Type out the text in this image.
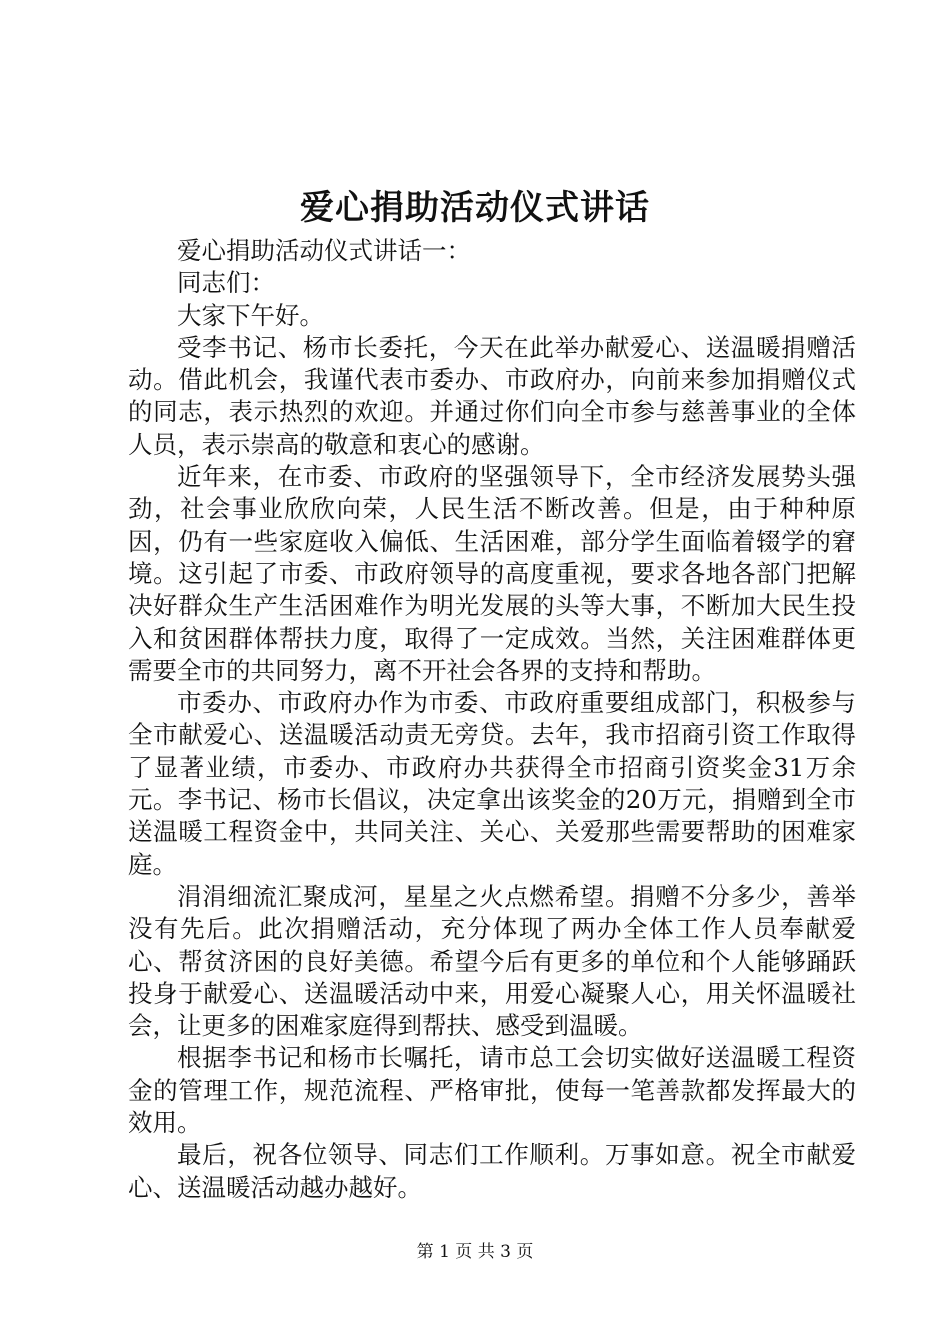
爱心捐助活动仪式讲话

爱心捐助活动仪式讲话一：

同志们：

大家下午好。

受李书记、杨市长委托，今天在此举办献爱心、送温暖捐赠活动。借此机会，我谨代表市委办、市政府办，向前来参加捐赠仪式的同志，表示热烈的欢迎。并通过你们向全市参与慈善事业的全体人员，表示崇高的敬意和衷心的感谢。

近年来，在市委、市政府的坚强领导下，全市经济发展势头强劲，社会事业欣欣向荣，人民生活不断改善。但是，由于种种原因，仍有一些家庭收入偏低、生活困难，部分学生面临着辍学的窘境。这引起了市委、市政府领导的高度重视，要求各地各部门把解决好群众生产生活困难作为明光发展的头等大事，不断加大民生投入和贫困群体帮扶力度，取得了一定成效。当然，关注困难群体更需要全市的共同努力，离不开社会各界的支持和帮助。

市委办、市政府办作为市委、市政府重要组成部门，积极参与全市献爱心、送温暖活动责无旁贷。去年，我市招商引资工作取得了显著业绩，市委办、市政府办共获得全市招商引资奖金31万余元。李书记、杨市长倡议，决定拿出该奖金的20万元，捐赠到全市送温暖工程资金中，共同关注、关心、关爱那些需要帮助的困难家庭。

涓涓细流汇聚成河，星星之火点燃希望。捐赠不分多少，善举没有先后。此次捐赠活动，充分体现了两办全体工作人员奉献爱心、帮贫济困的良好美德。希望今后有更多的单位和个人能够踊跃投身于献爱心、送温暖活动中来，用爱心凝聚人心，用关怀温暖社会，让更多的困难家庭得到帮扶、感受到温暖。

根据李书记和杨市长嘱托，请市总工会切实做好送温暖工程资金的管理工作，规范流程、严格审批，使每一笔善款都发挥最大的效用。

最后，祝各位领导、同志们工作顺利。万事如意。祝全市献爱心、送温暖活动越办越好。

第 1 页 共 3 页
